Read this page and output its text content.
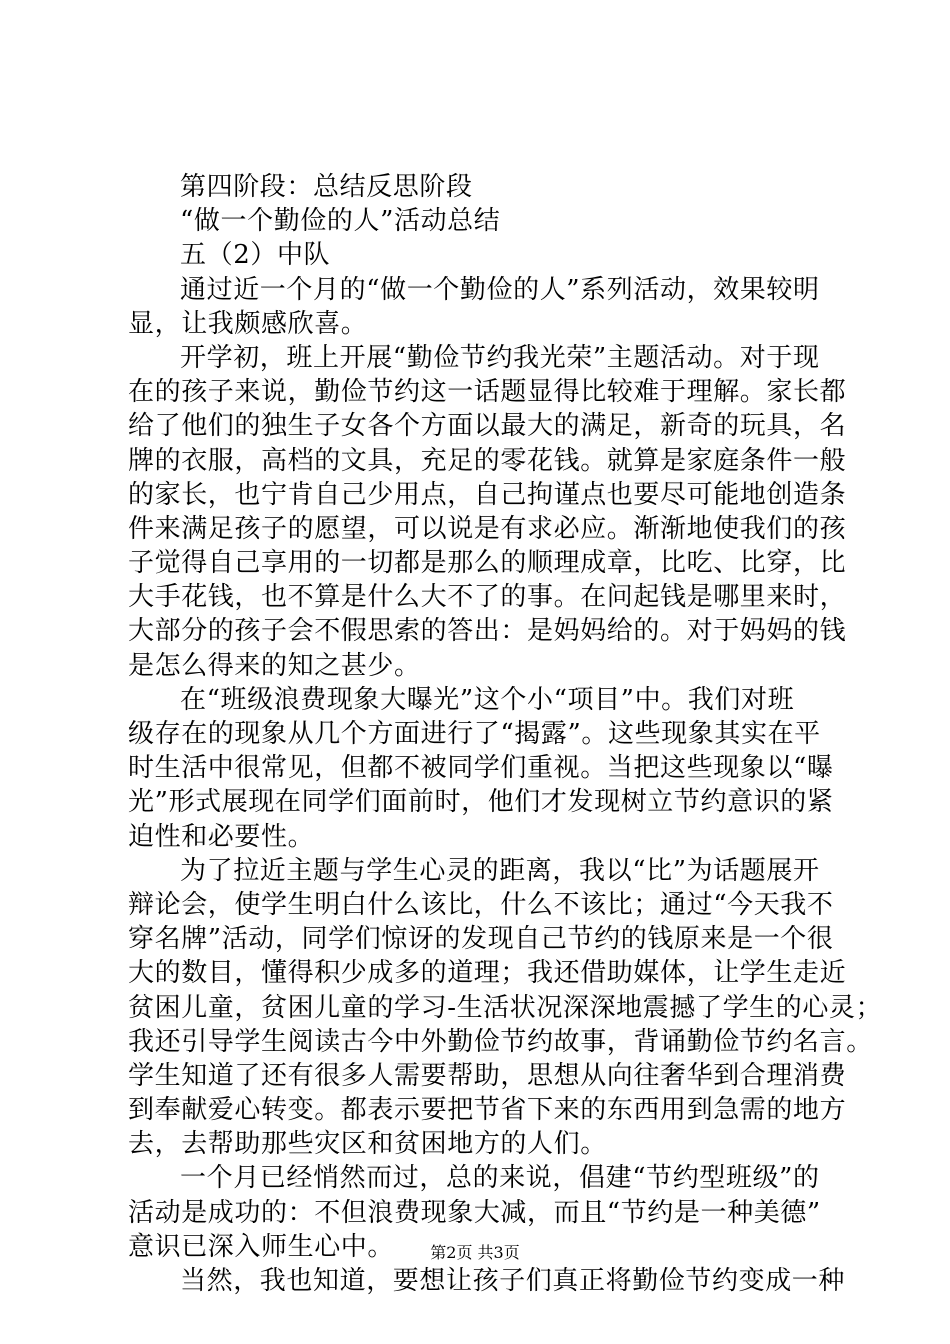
第四阶段：总结反思阶段
“做一个勤俭的人”活动总结
五（2）中队
通过近一个月的“做一个勤俭的人”系列活动，效果较明
显，让我颇感欣喜。
开学初，班上开展“勤俭节约我光荣”主题活动。对于现
在的孩子来说，勤俭节约这一话题显得比较难于理解。家长都
给了他们的独生子女各个方面以最大的满足，新奇的玩具，名
牌的衣服，高档的文具，充足的零花钱。就算是家庭条件一般
的家长，也宁肯自己少用点，自己拘谨点也要尽可能地创造条
件来满足孩子的愿望，可以说是有求必应。渐渐地使我们的孩
子觉得自己享用的一切都是那么的顺理成章，比吃、比穿，比
大手花钱，也不算是什么大不了的事。在问起钱是哪里来时，
大部分的孩子会不假思索的答出：是妈妈给的。对于妈妈的钱
是怎么得来的知之甚少。
在“班级浪费现象大曝光”这个小“项目”中。我们对班
级存在的现象从几个方面进行了“揭露”。这些现象其实在平
时生活中很常见，但都不被同学们重视。当把这些现象以“曝
光”形式展现在同学们面前时，他们才发现树立节约意识的紧
迫性和必要性。
为了拉近主题与学生心灵的距离，我以“比”为话题展开
辩论会，使学生明白什么该比，什么不该比；通过“今天我不
穿名牌”活动，同学们惊讶的发现自己节约的钱原来是一个很
大的数目，懂得积少成多的道理；我还借助媒体，让学生走近
贫困儿童，贫困儿童的学习-生活状况深深地震撼了学生的心灵；
我还引导学生阅读古今中外勤俭节约故事，背诵勤俭节约名言。
学生知道了还有很多人需要帮助，思想从向往奢华到合理消费
到奉献爱心转变。都表示要把节省下来的东西用到急需的地方
去，去帮助那些灾区和贫困地方的人们。
一个月已经悄然而过，总的来说，倡建“节约型班级”的
活动是成功的：不但浪费现象大减，而且“节约是一种美德”
意识已深入师生心中。
当然，我也知道，要想让孩子们真正将勤俭节约变成一种
第2页 共3页
